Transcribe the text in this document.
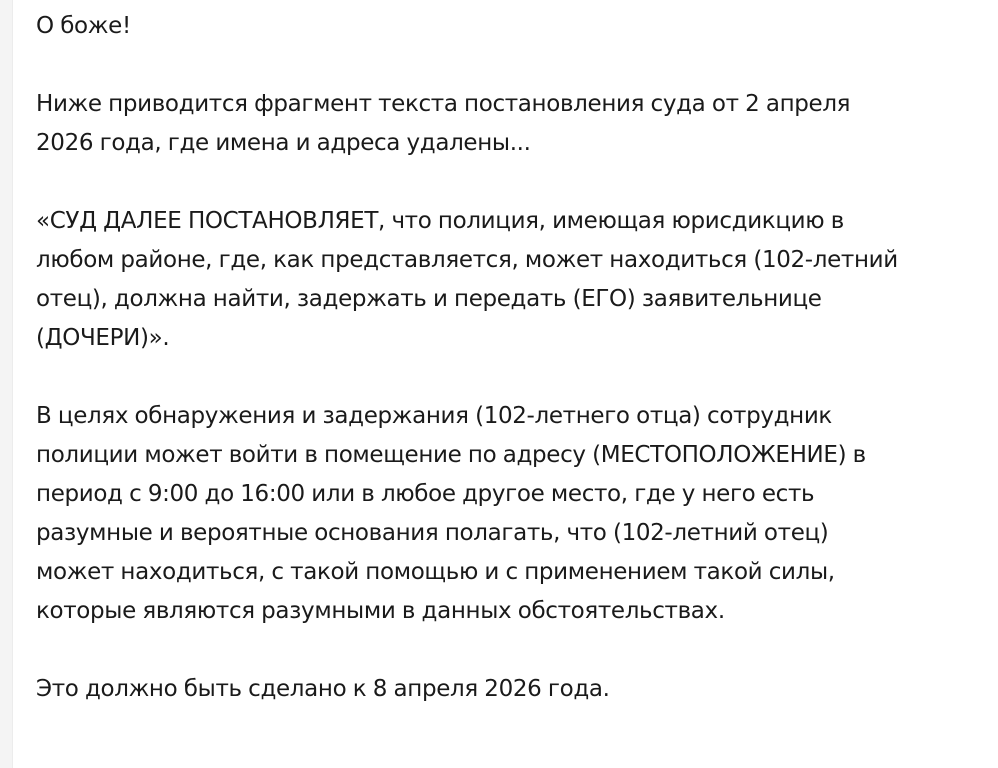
О боже!

Ниже приводится фрагмент текста постановления суда от 2 апреля
2026 года, где имена и адреса удалены...

«СУД ДАЛЕЕ ПОСТАНОВЛЯЕТ, что полиция, имеющая юрисдикцию в
любом районе, где, как представляется, может находиться (102-летний
отец), должна найти, задержать и передать (ЕГО) заявительнице
(ДОЧЕРИ)».

В целях обнаружения и задержания (102-летнего отца) сотрудник
полиции может войти в помещение по адресу (МЕСТОПОЛОЖЕНИЕ) в
период с 9:00 до 16:00 или в любое другое место, где у него есть
разумные и вероятные основания полагать, что (102-летний отец)
может находиться, с такой помощью и с применением такой силы,
которые являются разумными в данных обстоятельствах.

Это должно быть сделано к 8 апреля 2026 года.
